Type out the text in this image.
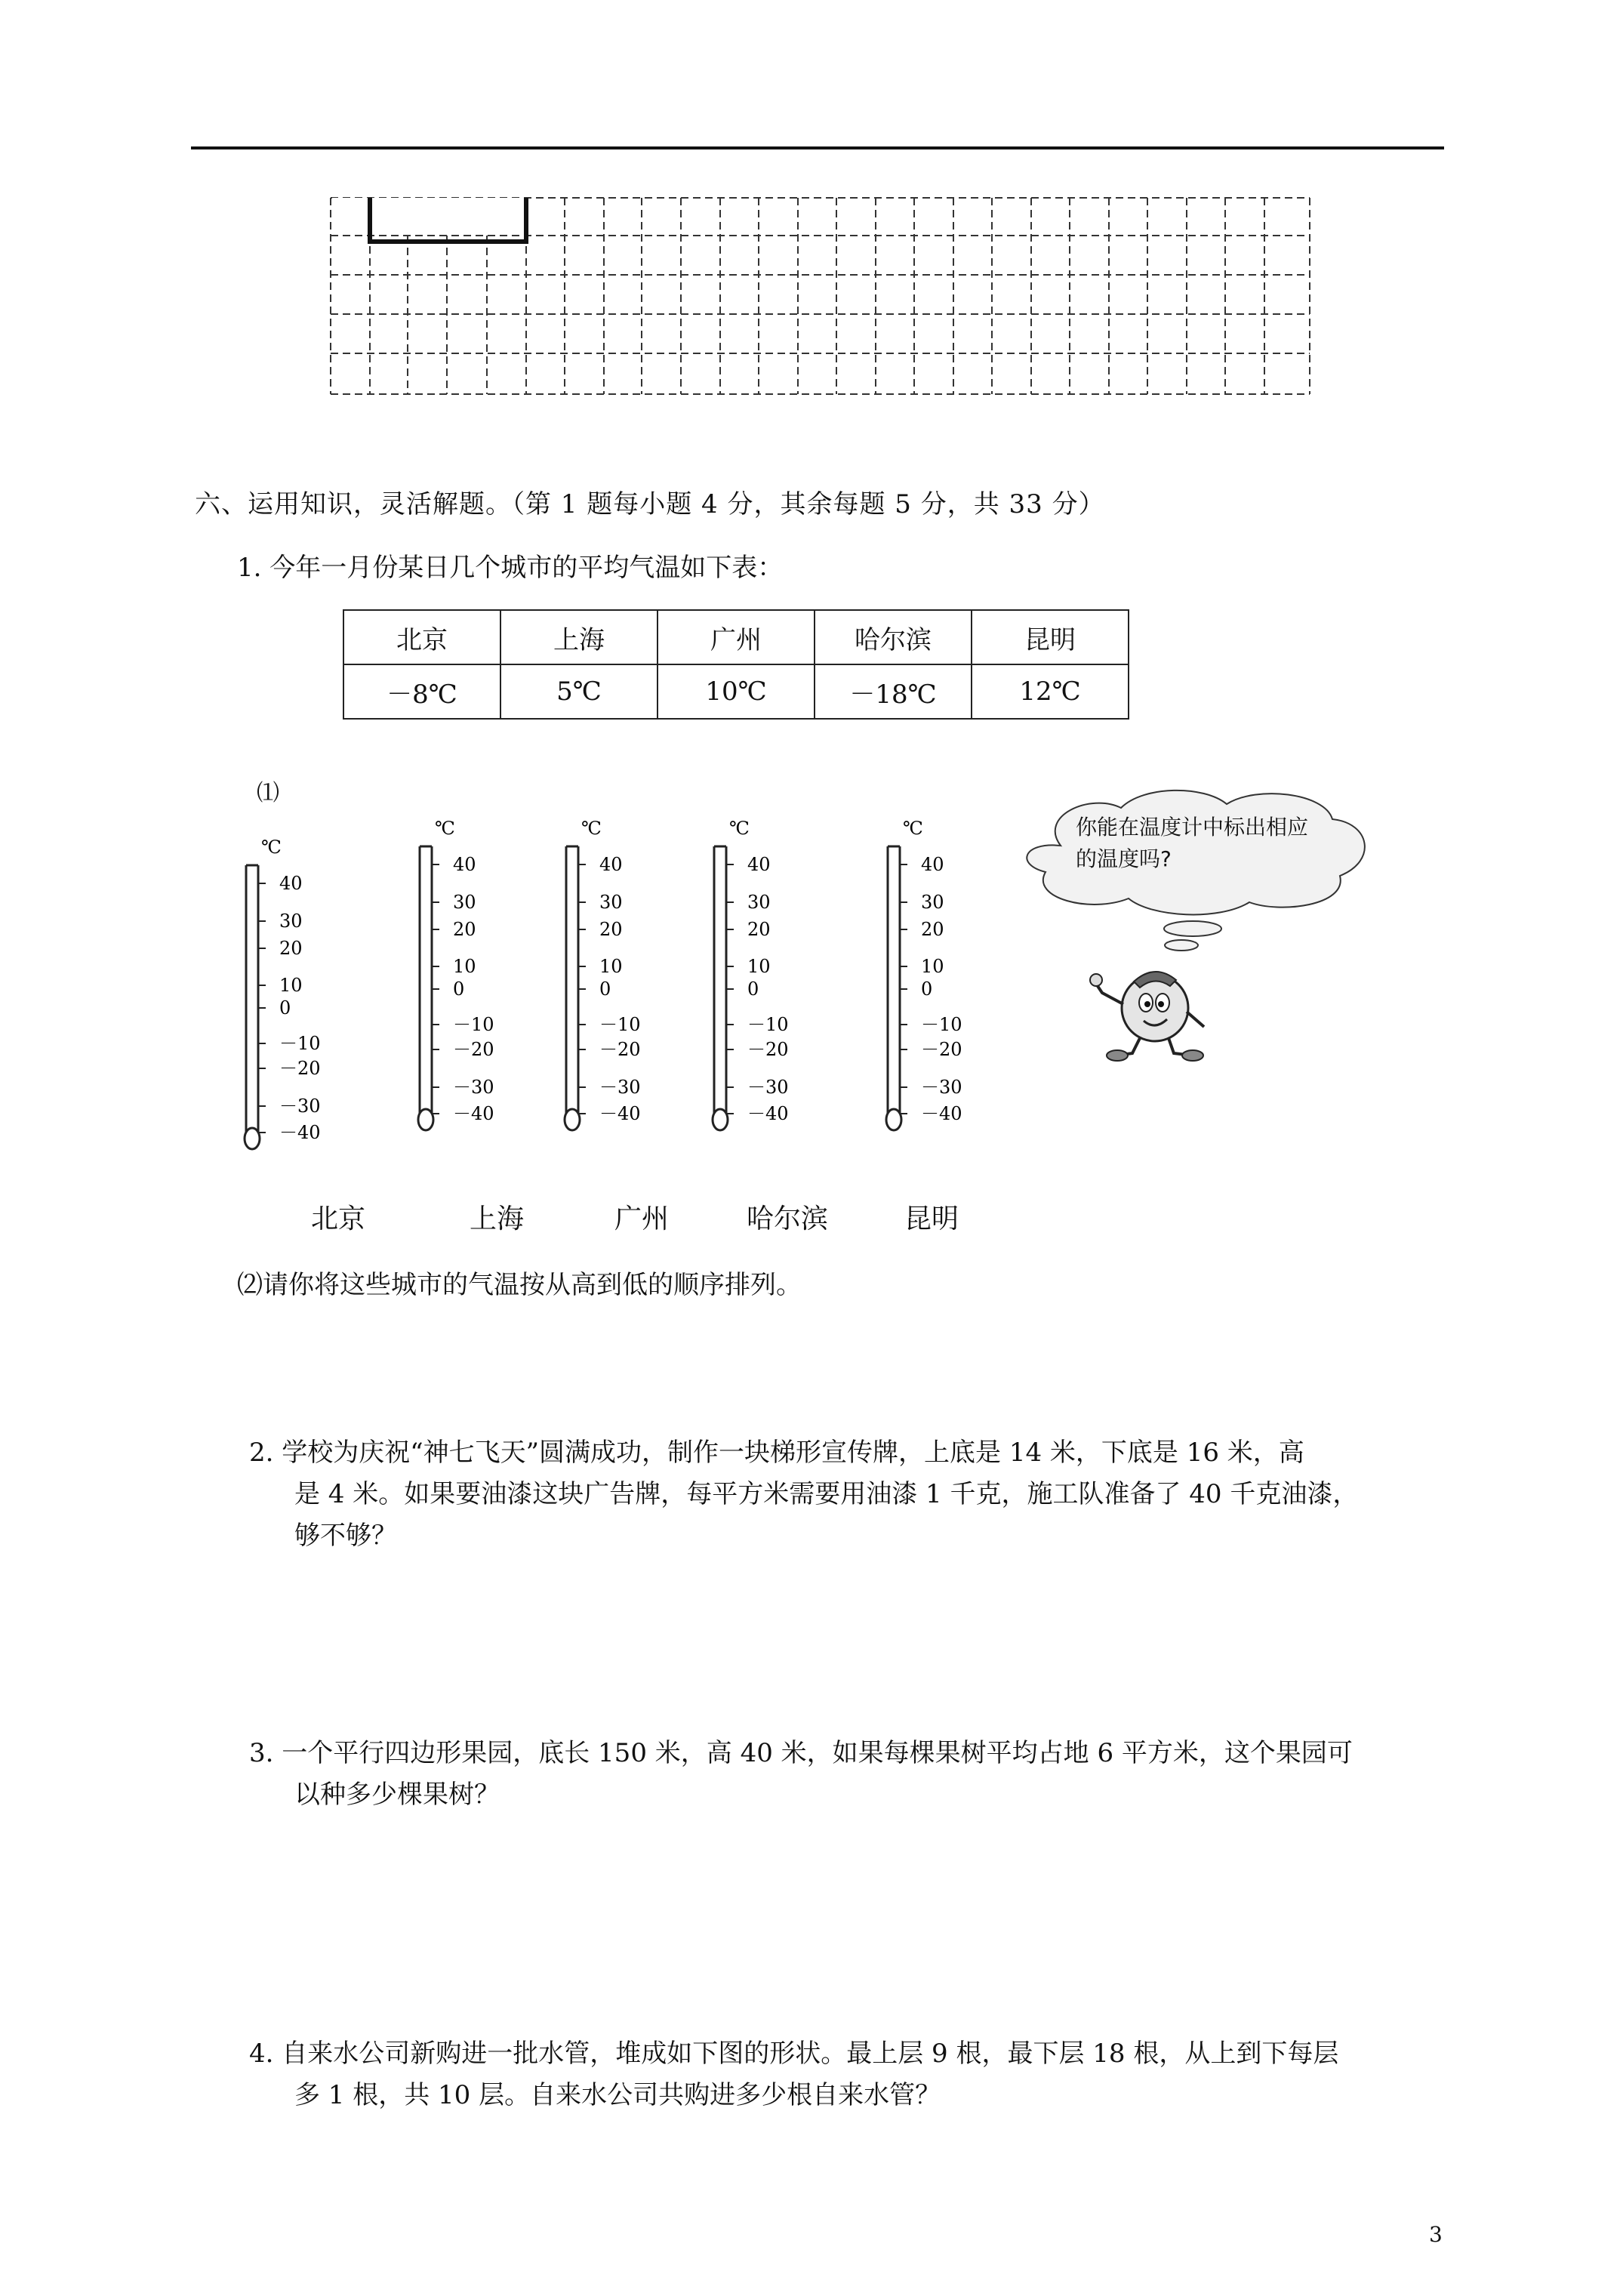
六、运用知识，灵活解题。（第 1 题每小题 4 分，其余每题 5 分，共 33 分）
1. 今年一月份某日几个城市的平均气温如下表：
北京	上海	广州	哈尔滨	昆明
－8℃	5℃	10℃	－18℃	12℃
⑴
℃
40
30
20
10
0
－10
－20
－30
－40
℃
40
30
20
10
0
－10
－20
－30
－40
℃
40
30
20
10
0
－10
－20
－30
－40
℃
40
30
20
10
0
－10
－20
－30
－40
℃
40
30
20
10
0
－10
－20
－30
－40
北京	上海	广州	哈尔滨	昆明
你能在温度计中标出相应的温度吗?
⑵请你将这些城市的气温按从高到低的顺序排列。
2. 学校为庆祝“神七飞天”圆满成功，制作一块梯形宣传牌，上底是 14 米，下底是 16 米，高
是 4 米。如果要油漆这块广告牌，每平方米需要用油漆 1 千克，施工队准备了 40 千克油漆，
够不够？
3. 一个平行四边形果园，底长 150 米，高 40 米，如果每棵果树平均占地 6 平方米，这个果园可
以种多少棵果树？
4. 自来水公司新购进一批水管，堆成如下图的形状。最上层 9 根，最下层 18 根，从上到下每层
多 1 根，共 10 层。自来水公司共购进多少根自来水管？
3
